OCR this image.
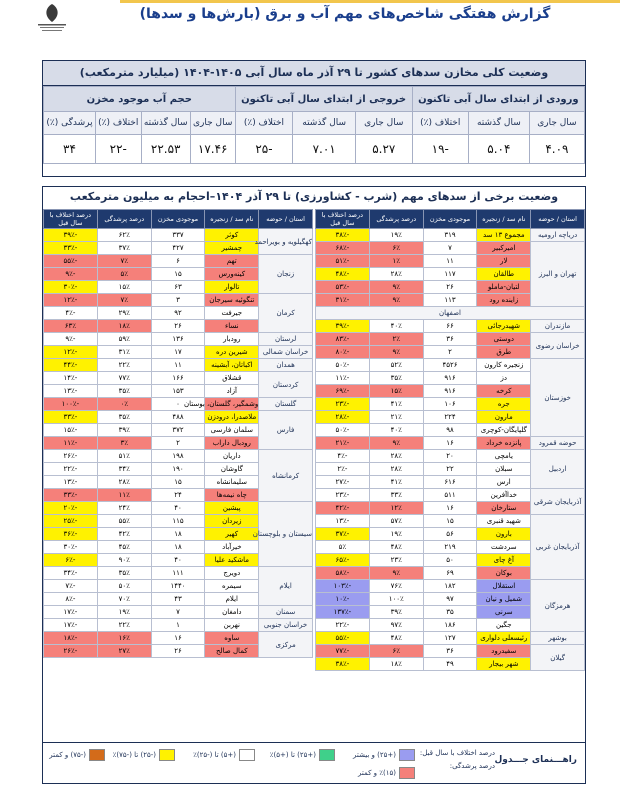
گزارش هفتگی شاخص‌های مهم آب و برق (بارش‌ها و سدها)
وضعیت کلی مخازن سدهای کشور تا ۲۹ آذر ماه سال آبی ۱۴۰۵-۱۴۰۴ (میلیارد مترمکعب)
ورودی از ابتدای سال آبی تاکنون			خروجی از ابتدای سال آبی تاکنون			حجم آب موجود مخزن			
سال جاری	سال گذشته	اختلاف (٪)	سال جاری	سال گذشته	اختلاف (٪)	سال جاری	سال گذشته	اختلاف (٪)	پرشدگی (٪)
۴.۰۹	۵.۰۴	-۱۹	۵.۲۷	۷.۰۱	-۲۵	۱۷.۴۶	۲۲.۵۳	-۲۲	۳۴
وضعیت برخی از سدهای مهم (شرب - کشاورزی) تا ۲۹ آذر ۱۴۰۴–احجام به میلیون مترمکعب
استان / حوضه	نام سد / زنجیره	موجودی مخزن	درصد پرشدگی	درصد اختلاف با سال قبل
دریاچه ارومیه	مجموع ۱۳ سد	۳۱۹	۱۹٪	-۳۸٪
تهران و البرز	امیرکبیر	۷	۶٪	-۶۸٪
	لار	۱۱	۱٪	-۵۱٪
	طالقان	۱۱۷	۲۸٪	-۴۸٪
	لتیان-ماملو	۲۶	۹٪	-۵۳٪
	زاینده رود	۱۱۳	۹٪	-۳۱٪
اصفهان				
مازندران	شهیدرجائی	۶۶	۴۰٪	-۳۹٪
خراسان رضوی	دوستی	۳۶	۲٪	-۸۳٪
	طرق	۲	۹٪	-۸۰٪
خوزستان	زنجیره کارون	۴۵۲۶	۵۲٪	-۵۰٪
	دز	۹۱۶	۳۵٪	-۱۱٪
	کرخه	۹۱۶	۱۵٪	-۶۹٪
	جره	۱۰۶	۴۱٪	-۲۳٪
	مارون	۲۲۴	۲۱٪	-۲۸٪
	گلپایگان-کوچری	۹۸	۴۰٪	-۵۰٪
حوضه قمرود	پانزده خرداد	۱۶	۹٪	-۲۱٪
اردبیل	یامچی	۲۰	۲۸٪	-۴٪
	سبلان	۲۲	۲۸٪	-۲٪
	ارس	۶۱۶	۴۱٪	-۲۷٪
آذربایجان شرقی	خداآفرین	۵۱۱	۳۳٪	-۲۳٪
	ستارخان	۱۶	۱۲٪	-۴۲٪
آذربایجان غربی	شهید قنبری	۱۵	۵۷٪	-۱۳٪
	بارون	۵۶	۱۹٪	-۳۷٪
	سردشت	۲۱۹	۴۸٪	۵٪
	آغ چای	۵۰	۲۳٪	-۶۵٪
	بوکان	۶۹	۹٪	-۵۸٪
هرمزگان	استقلال	۱۸۲	۷۶٪	-۱۰۳٪
	شمیل و نیان	۹۷	۱۰۰٪	-۱۰٪
	سرنی	۳۵	۳۹٪	-۱۳۷٪
	جگین	۱۸۶	۹۷٪	-۲۲٪
بوشهر	رئیسعلی دلواری	۱۲۷	۴۸٪	-۵۵٪
گیلان	سفیدرود	۳۶	۶٪	-۷۷٪
	شهر بیجار	۴۹	۱۸٪	-۳۸٪
استان / حوضه	نام سد / زنجیره	موجودی مخزن	درصد پرشدگی	درصد اختلاف با سال قبل
کهگیلویه و بویراحمد	کوثر	۳۳۷	۶۲٪	-۳۹٪
	چمشیر	۴۲۷	۳۷٪	-۳۳٪
زنجان	تهم	۶	۷٪	-۵۵٪
	کینه‌ورس	۱۵	۵٪	-۹٪
	تالوار	۶۳	۱۵٪	-۳۰٪
کرمان	تنگوئیه سیرجان	۳	۷٪	-۱۲٪
	جیرفت	۹۲	۲۹٪	-۴٪
	نساء	۲۶	۱۸٪	۶۳٪
لرستان	رودبار	۱۳۶	۵۹٪	-۹٪
خراسان شمالی	شیرین دره	۱۷	۳۱٪	-۱۲٪
همدان	اکباتان، آبشینه	۱۱	۲۲٪	-۴۴٪
کردستان	قشلاق	۱۶۶	۷۷٪	-۱۴٪
	آزاد	۱۵۳	۳۵٪	-۱۳٪
گلستان	وشمگیر، گلستان، بوستان	۰	۰٪	-۱۰۰٪
فارس	ملاصدرا، درودزن	۴۸۸	۳۵٪	-۳۳٪
	سلمان فارسی	۳۷۲	۳۹٪	-۱۵٪
	رودبال داراب	۲	۳٪	-۱۱٪
کرمانشاه	داریان	۱۹۸	۵۱٪	-۲۶٪
	گاوشان	۱۹۰	۳۴٪	-۲۲٪
	سلیمانشاه	۱۵	۲۸٪	-۱۳٪
	چاه نیمه‌ها	۲۴	۱۱٪	-۳۳٪
سیستان و بلوچستان	پیشین	۴۰	۲۴٪	-۲۰٪
	زیردان	۱۱۵	۵۵٪	-۲۵٪
	کهیر	۱۸	۴۲٪	-۳۶٪
	خیرآباد	۱۸	۴۵٪	-۳۰٪
	ماشکید علیا	۴۰	۹۰٪	-۶٪
ایلام	دویرج	۱۱۱	۳۵٪	-۳۴٪
	سیمره	۱۴۴۰	۵۰٪	-۷٪
	ایلام	۴۳	۷۰٪	-۸٪
سمنان	دامغان	۷	۱۹٪	-۱۷٪
خراسان جنوبی	نهربن	۱	۲۲٪	-۱۷٪
مرکزی	ساوه	۱۶	۱۶٪	-۱۸٪
	کمال صالح	۲۶	۲۷٪	-۲۶٪
راهـــنمای جـــدول
درصد اختلاف با سال قبل:
درصد پرشدگی:
(+۲۵) و بیشتر
(+۲۵) تا (+۵)٪
(+۵) تا (-۲۵)٪
(-۲۵) تا (-۷۵)٪
(-۷۵) و کمتر
(۱۵)٪ و کمتر
